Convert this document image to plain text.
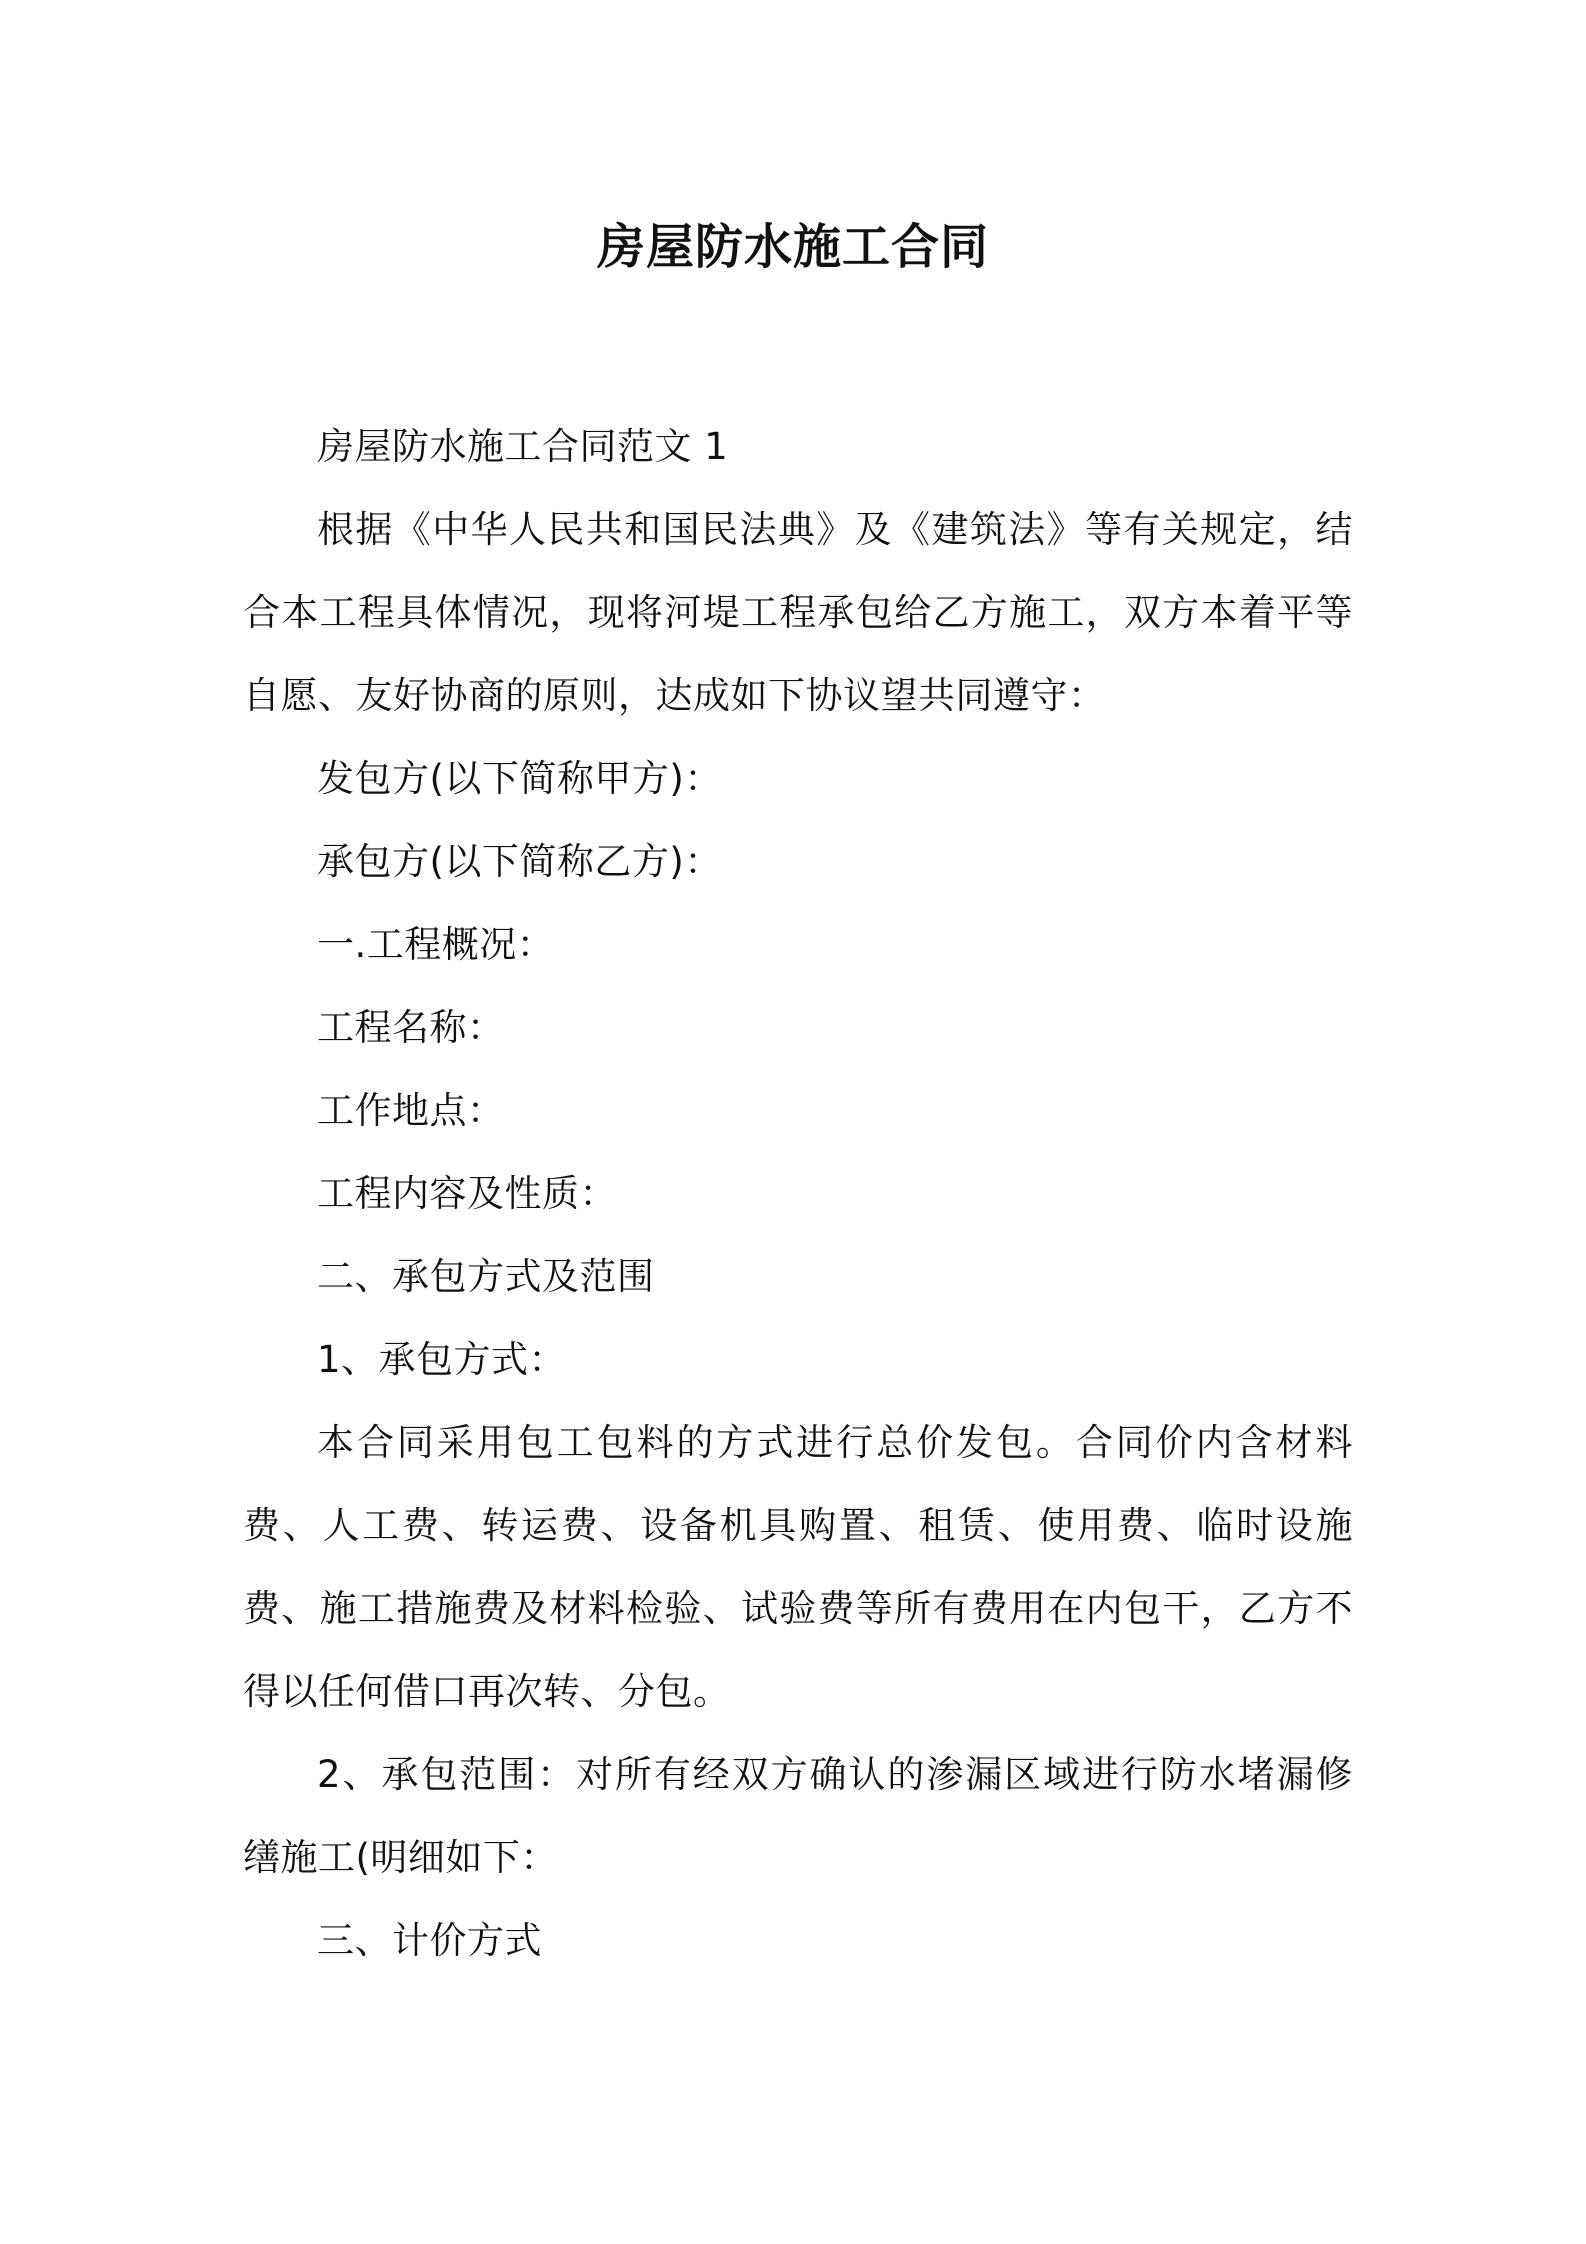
房屋防水施工合同

房屋防水施工合同范文 1

根据《中华人民共和国民法典》及《建筑法》等有关规定，结合本工程具体情况，现将河堤工程承包给乙方施工，双方本着平等自愿、友好协商的原则，达成如下协议望共同遵守：

发包方(以下简称甲方)：

承包方(以下简称乙方)：

一.工程概况：

工程名称：

工作地点：

工程内容及性质：

二、承包方式及范围

1、承包方式：

本合同采用包工包料的方式进行总价发包。合同价内含材料费、人工费、转运费、设备机具购置、租赁、使用费、临时设施费、施工措施费及材料检验、试验费等所有费用在内包干，乙方不得以任何借口再次转、分包。

2、承包范围：对所有经双方确认的渗漏区域进行防水堵漏修缮施工(明细如下：

三、计价方式
